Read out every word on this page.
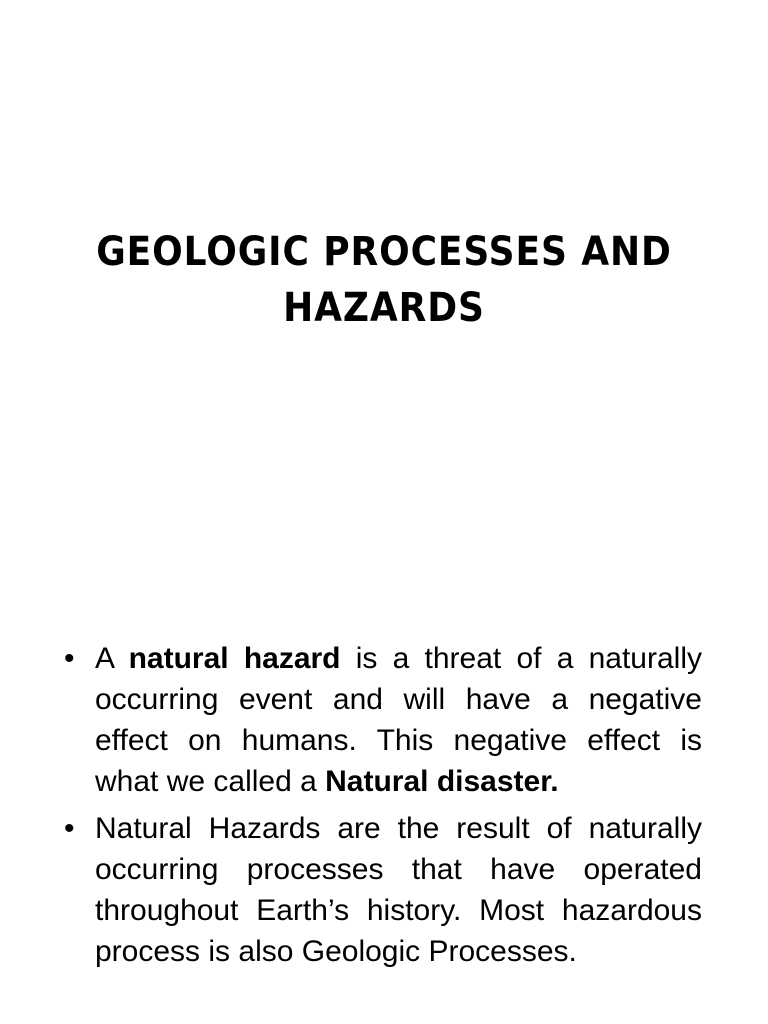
GEOLOGIC PROCESSES AND
HAZARDS
• A natural hazard is a threat of a naturally occurring event and will have a negative effect on humans. This negative effect is what we called a Natural disaster.
• Natural Hazards are the result of naturally occurring processes that have operated throughout Earth’s history. Most hazardous process is also Geologic Processes.
